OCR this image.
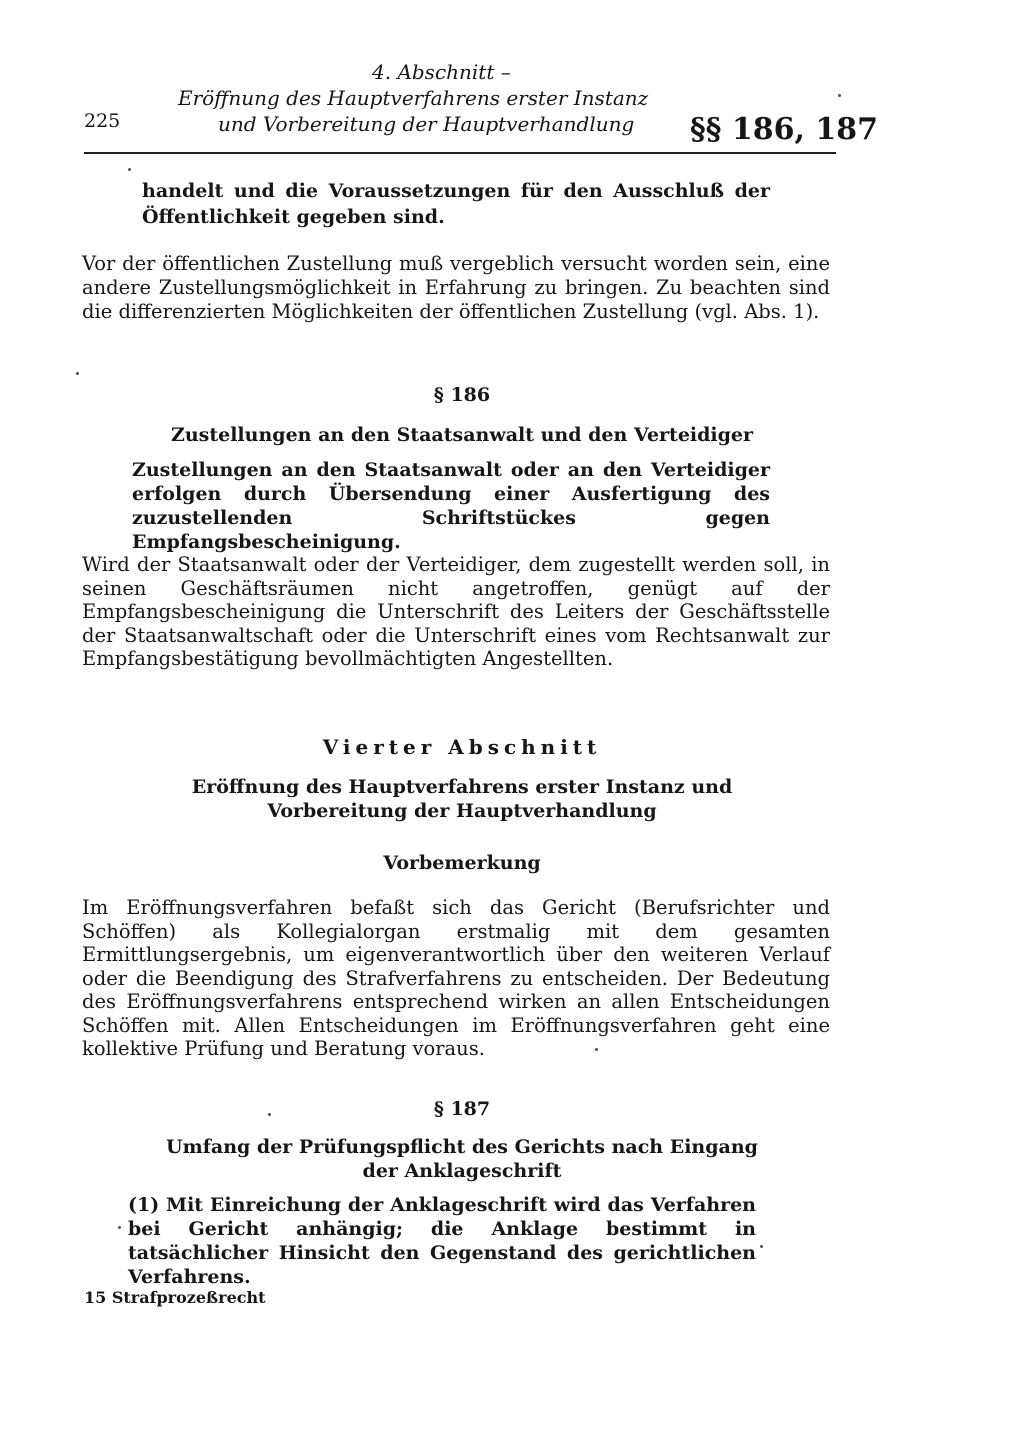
4. Abschnitt –
Eröffnung des Hauptverfahrens erster Instanz
und Vorbereitung der Hauptverhandlung
225	§§ 186, 187

handelt und die Voraussetzungen für den Ausschluß der Öffentlichkeit gegeben sind.

Vor der öffentlichen Zustellung muß vergeblich versucht worden sein, eine andere Zustellungsmöglichkeit in Erfahrung zu bringen. Zu beachten sind die differenzierten Möglichkeiten der öffentlichen Zustellung (vgl. Abs. 1).

§ 186

Zustellungen an den Staatsanwalt und den Verteidiger

Zustellungen an den Staatsanwalt oder an den Verteidiger erfolgen durch Übersendung einer Ausfertigung des zuzustellenden Schriftstückes gegen Empfangsbescheinigung.

Wird der Staatsanwalt oder der Verteidiger, dem zugestellt werden soll, in seinen Geschäftsräumen nicht angetroffen, genügt auf der Empfangsbescheinigung die Unterschrift des Leiters der Geschäftsstelle der Staatsanwaltschaft oder die Unterschrift eines vom Rechtsanwalt zur Empfangsbestätigung bevollmächtigten Angestellten.

Vierter Abschnitt

Eröffnung des Hauptverfahrens erster Instanz und

Vorbereitung der Hauptverhandlung

Vorbemerkung

Im Eröffnungsverfahren befaßt sich das Gericht (Berufsrichter und Schöffen) als Kollegialorgan erstmalig mit dem gesamten Ermittlungsergebnis, um eigenverantwortlich über den weiteren Verlauf oder die Beendigung des Strafverfahrens zu entscheiden. Der Bedeutung des Eröffnungsverfahrens entsprechend wirken an allen Entscheidungen Schöffen mit. Allen Entscheidungen im Eröffnungsverfahren geht eine kollektive Prüfung und Beratung voraus.

§ 187

Umfang der Prüfungspflicht des Gerichts nach Eingang

der Anklageschrift

(1) Mit Einreichung der Anklageschrift wird das Verfahren bei Gericht anhängig; die Anklage bestimmt in tatsächlicher Hinsicht den Gegenstand des gerichtlichen Verfahrens.

15 Strafprozeßrecht
